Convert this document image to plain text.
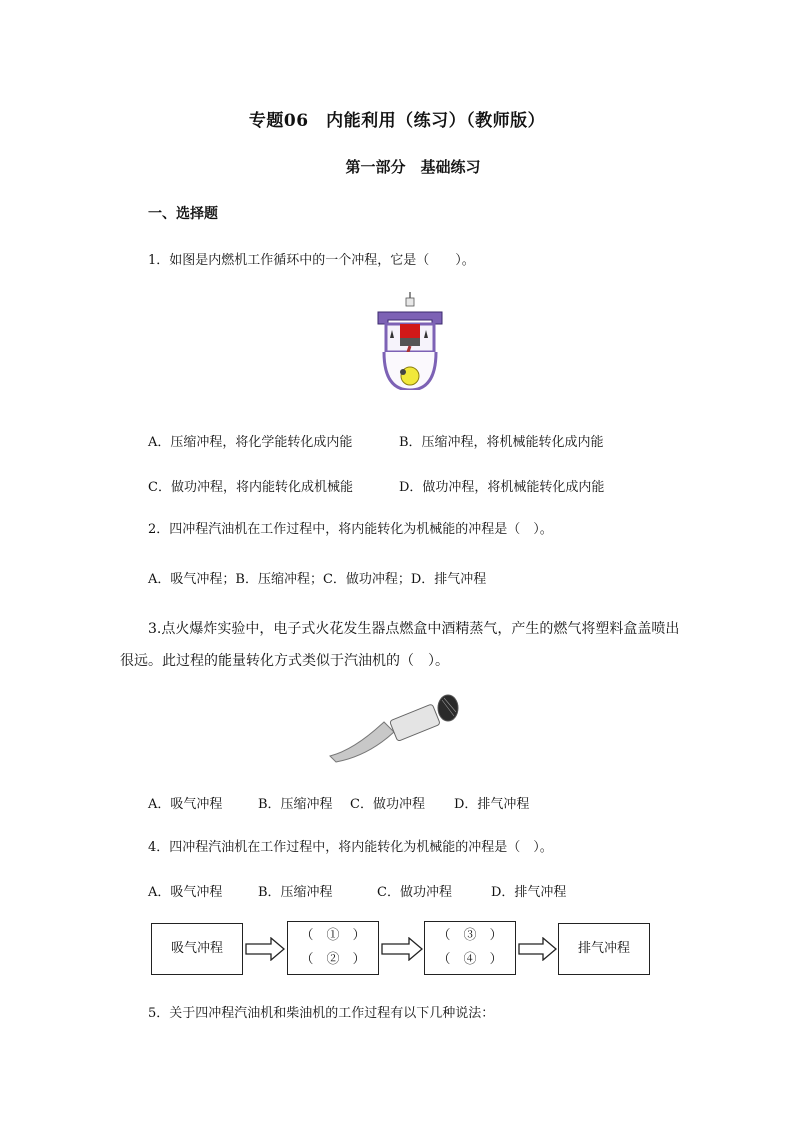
专题06　内能利用（练习）（教师版）
第一部分　基础练习
一、选择题
1．如图是内燃机工作循环中的一个冲程，它是（　　）。
A．压缩冲程，将化学能转化成内能	B．压缩冲程，将机械能转化成内能
C．做功冲程，将内能转化成机械能	D．做功冲程，将机械能转化成内能
2．四冲程汽油机在工作过程中，将内能转化为机械能的冲程是（　）。
A．吸气冲程；B．压缩冲程；C．做功冲程；D．排气冲程
3.点火爆炸实验中，电子式火花发生器点燃盒中酒精蒸气，产生的燃气将塑料盒盖喷出
很远。此过程的能量转化方式类似于汽油机的（　）。
A．吸气冲程	B．压缩冲程 C．做功冲程 D．排气冲程
4．四冲程汽油机在工作过程中，将内能转化为机械能的冲程是（　）。
A．吸气冲程	B．压缩冲程	C．做功冲程	D．排气冲程
吸气冲程
（　①　）
（　②　）
（　③　）
（　④　）
排气冲程
5．关于四冲程汽油机和柴油机的工作过程有以下几种说法：
